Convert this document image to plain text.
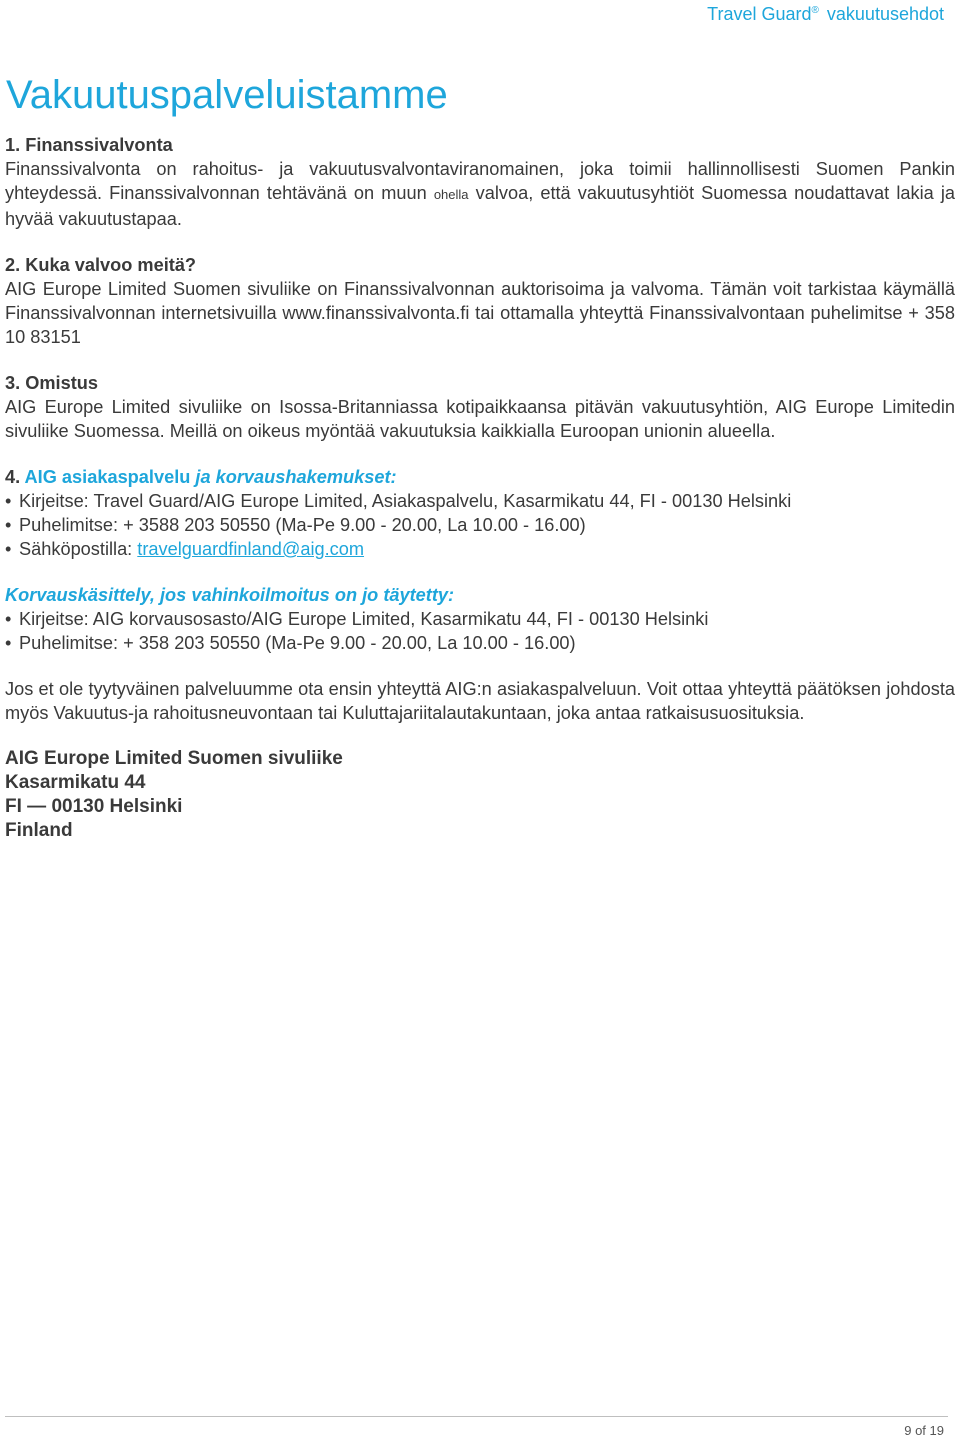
Travel Guard® vakuutusehdot
Vakuutuspalveluistamme
1. Finanssivalvonta

Finanssivalvonta on rahoitus- ja vakuutusvalvontaviranomainen, joka toimii hallinnollisesti Suomen Pankin yhteydessä. Finanssivalvonnan tehtävänä on muun ohella valvoa, että vakuutusyhtiöt Suomessa noudattavat lakia ja hyvää vakuutustapaa.

2. Kuka valvoo meitä?

AIG Europe Limited Suomen sivuliike on Finanssivalvonnan auktorisoima ja valvoma. Tämän voit tarkistaa käymällä Finanssivalvonnan internetsivuilla www.finanssivalvonta.fi tai ottamalla yhteyttä Finanssivalvontaan puhelimitse + 358 10 83151

3. Omistus

AIG Europe Limited sivuliike on Isossa-Britanniassa kotipaikkaansa pitävän vakuutusyhtiön, AIG Europe Limitedin sivuliike Suomessa. Meillä on oikeus myöntää vakuutuksia kaikkialla Euroopan unionin alueella.

4. AIG asiakaspalvelu ja korvaushakemukset:
• Kirjeitse: Travel Guard/AIG Europe Limited, Asiakaspalvelu, Kasarmikatu 44, FI - 00130 Helsinki
• Puhelimitse: + 3588 203 50550 (Ma-Pe 9.00 - 20.00, La 10.00 - 16.00)
• Sähköpostilla: travelguardfinland@aig.com
Korvauskäsittely, jos vahinkoilmoitus on jo täytetty:
• Kirjeitse: AIG korvausosasto/AIG Europe Limited, Kasarmikatu 44, FI - 00130 Helsinki
• Puhelimitse: + 358 203 50550 (Ma-Pe 9.00 - 20.00, La 10.00 - 16.00)

Jos et ole tyytyväinen palveluumme ota ensin yhteyttä AIG:n asiakaspalveluun. Voit ottaa yhteyttä päätöksen johdosta myös Vakuutus-ja rahoitusneuvontaan tai Kuluttajariitalautakuntaan, joka antaa ratkaisusuosituksia.

AIG Europe Limited Suomen sivuliike
Kasarmikatu 44
FI — 00130 Helsinki
Finland
9 of 19
